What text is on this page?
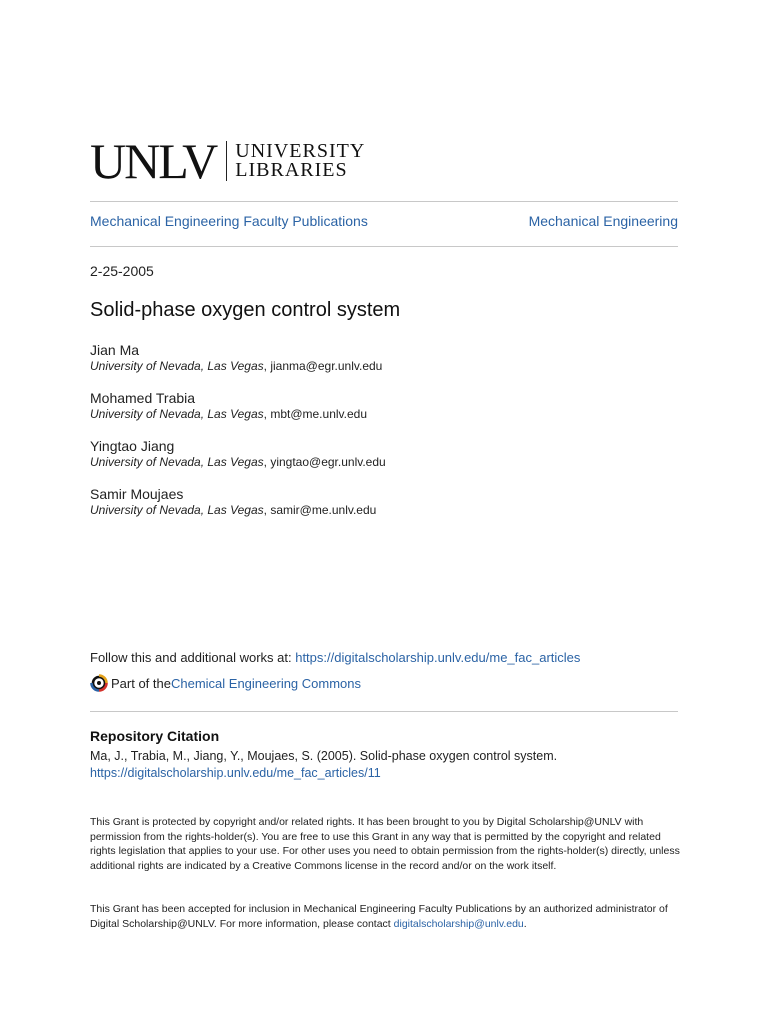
UNLV UNIVERSITY
LIBRARIES
Mechanical Engineering Faculty Publications	Mechanical Engineering
2-25-2005
Solid-phase oxygen control system
Jian Ma
University of Nevada, Las Vegas, jianma@egr.unlv.edu
Mohamed Trabia
University of Nevada, Las Vegas, mbt@me.unlv.edu
Yingtao Jiang
University of Nevada, Las Vegas, yingtao@egr.unlv.edu
Samir Moujaes
University of Nevada, Las Vegas, samir@me.unlv.edu
Follow this and additional works at: https://digitalscholarship.unlv.edu/me_fac_articles
Part of the Chemical Engineering Commons
Repository Citation
Ma, J., Trabia, M., Jiang, Y., Moujaes, S. (2005). Solid-phase oxygen control system.
https://digitalscholarship.unlv.edu/me_fac_articles/11
This Grant is protected by copyright and/or related rights. It has been brought to you by Digital Scholarship@UNLV with permission from the rights-holder(s). You are free to use this Grant in any way that is permitted by the copyright and related rights legislation that applies to your use. For other uses you need to obtain permission from the rights-holder(s) directly, unless additional rights are indicated by a Creative Commons license in the record and/or on the work itself.
This Grant has been accepted for inclusion in Mechanical Engineering Faculty Publications by an authorized administrator of Digital Scholarship@UNLV. For more information, please contact digitalscholarship@unlv.edu.
